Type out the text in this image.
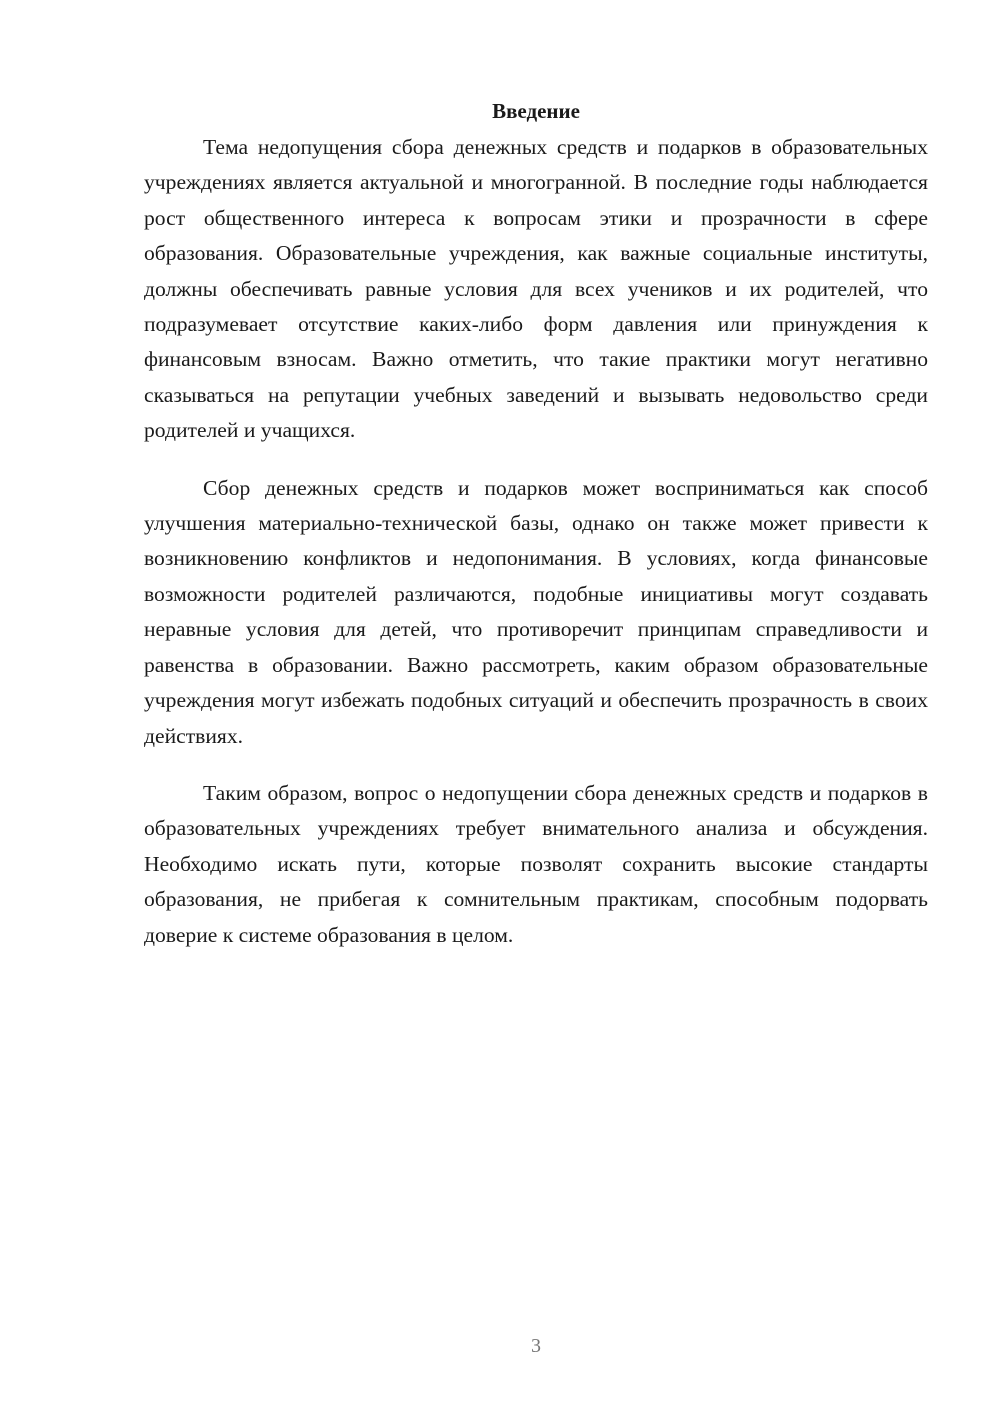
Введение

Тема недопущения сбора денежных средств и подарков в образовательных учреждениях является актуальной и многогранной. В последние годы наблюдается рост общественного интереса к вопросам этики и прозрачности в сфере образования. Образовательные учреждения, как важные социальные институты, должны обеспечивать равные условия для всех учеников и их родителей, что подразумевает отсутствие каких-либо форм давления или принуждения к финансовым взносам. Важно отметить, что такие практики могут негативно сказываться на репутации учебных заведений и вызывать недовольство среди родителей и учащихся.

Сбор денежных средств и подарков может восприниматься как способ улучшения материально-технической базы, однако он также может привести к возникновению конфликтов и недопонимания. В условиях, когда финансовые возможности родителей различаются, подобные инициативы могут создавать неравные условия для детей, что противоречит принципам справедливости и равенства в образовании. Важно рассмотреть, каким образом образовательные учреждения могут избежать подобных ситуаций и обеспечить прозрачность в своих действиях.

Таким образом, вопрос о недопущении сбора денежных средств и подарков в образовательных учреждениях требует внимательного анализа и обсуждения. Необходимо искать пути, которые позволят сохранить высокие стандарты образования, не прибегая к сомнительным практикам, способным подорвать доверие к системе образования в целом.

3
